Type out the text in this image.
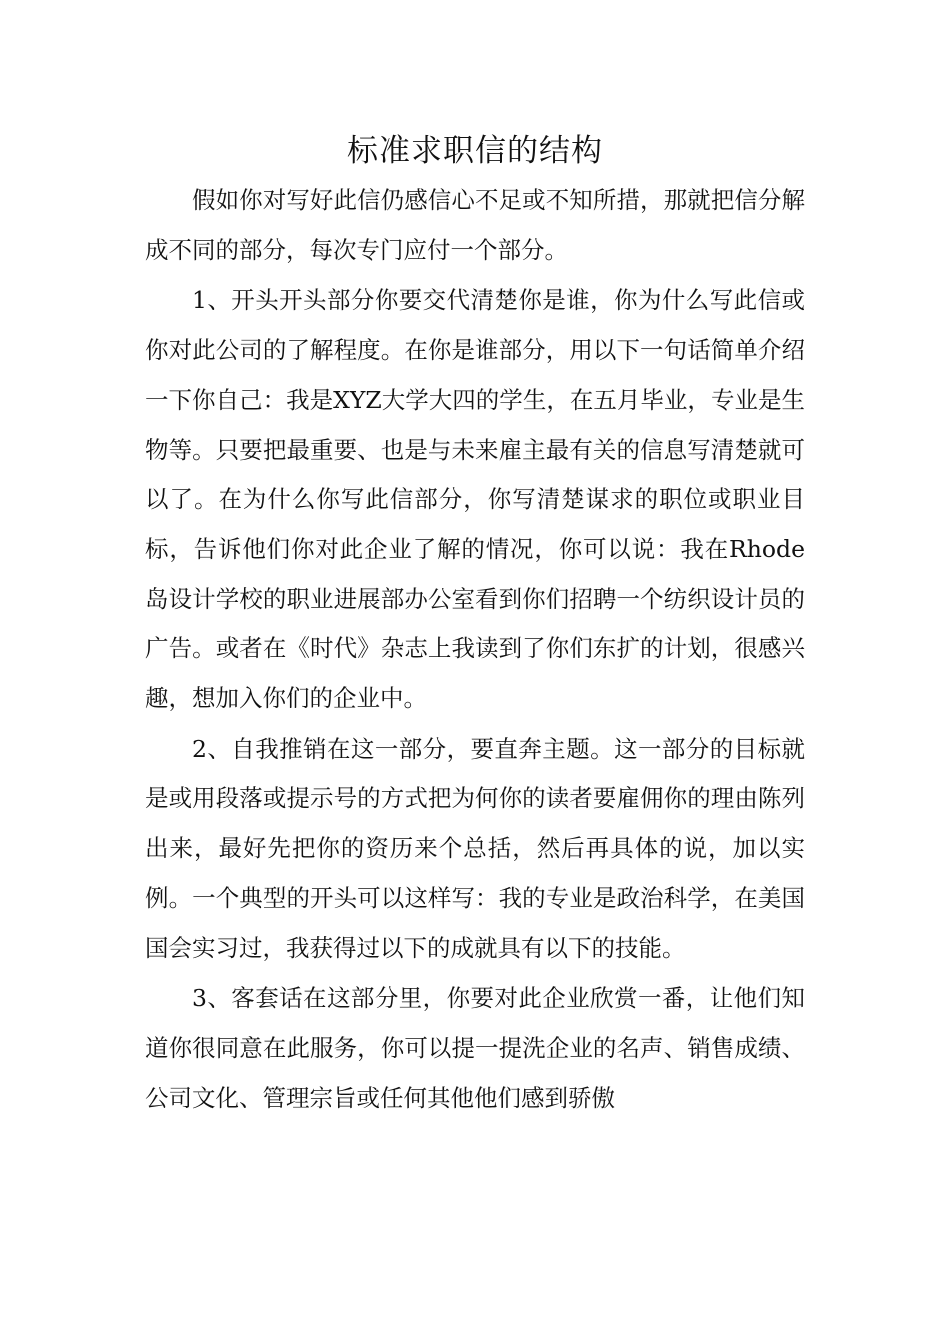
标准求职信的结构

假如你对写好此信仍感信心不足或不知所措，那就把信分解成不同的部分，每次专门应付一个部分。

1、开头开头部分你要交代清楚你是谁，你为什么写此信或你对此公司的了解程度。在你是谁部分，用以下一句话简单介绍一下你自己：我是XYZ大学大四的学生，在五月毕业，专业是生物等。只要把最重要、也是与未来雇主最有关的信息写清楚就可以了。在为什么你写此信部分，你写清楚谋求的职位或职业目标，告诉他们你对此企业了解的情况，你可以说：我在Rhode岛设计学校的职业进展部办公室看到你们招聘一个纺织设计员的广告。或者在《时代》杂志上我读到了你们东扩的计划，很感兴趣，想加入你们的企业中。

2、自我推销在这一部分，要直奔主题。这一部分的目标就是或用段落或提示号的方式把为何你的读者要雇佣你的理由陈列出来，最好先把你的资历来个总括，然后再具体的说，加以实例。一个典型的开头可以这样写：我的专业是政治科学，在美国国会实习过，我获得过以下的成就具有以下的技能。

3、客套话在这部分里，你要对此企业欣赏一番，让他们知道你很同意在此服务，你可以提一提洗企业的名声、销售成绩、公司文化、管理宗旨或任何其他他们感到骄傲
